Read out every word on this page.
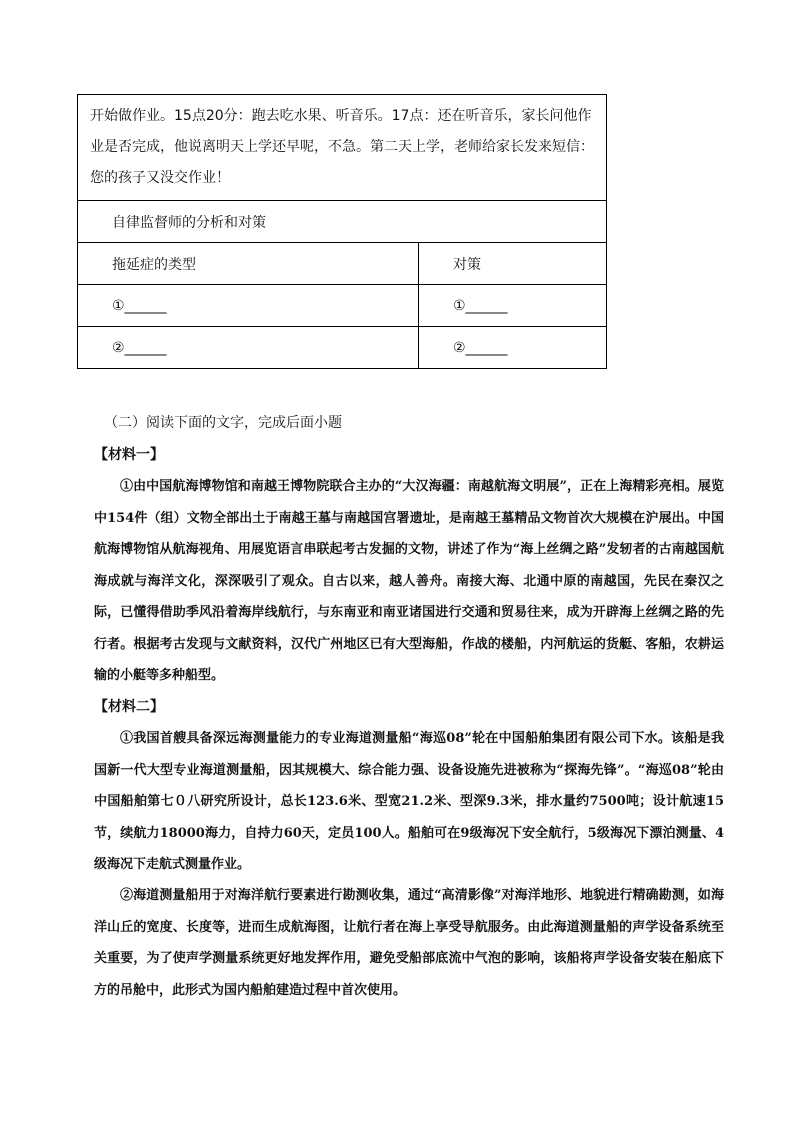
开始做作业。15点20分：跑去吃水果、听音乐。17点：还在听音乐，家长问他作业是否完成，他说离明天上学还早呢，不急。第二天上学，老师给家长发来短信：您的孩子又没交作业！	

自律监督师的分析和对策	
拖延症的类型	对策
①______	①______
②______	②______

（二）阅读下面的文字，完成后面小题

【材料一】

①由中国航海博物馆和南越王博物院联合主办的“大汉海疆：南越航海文明展”，正在上海精彩亮相。展览中154件（组）文物全部出土于南越王墓与南越国宫署遗址，是南越王墓精品文物首次大规模在沪展出。中国航海博物馆从航海视角、用展览语言串联起考古发掘的文物，讲述了作为“海上丝绸之路”发轫者的古南越国航海成就与海洋文化，深深吸引了观众。自古以来，越人善舟。南接大海、北通中原的南越国，先民在秦汉之际，已懂得借助季风沿着海岸线航行，与东南亚和南亚诸国进行交通和贸易往来，成为开辟海上丝绸之路的先行者。根据考古发现与文献资料，汉代广州地区已有大型海船，作战的楼船，内河航运的货艇、客船，农耕运输的小艇等多种船型。

【材料二】

①我国首艘具备深远海测量能力的专业海道测量船“海巡08”轮在中国船舶集团有限公司下水。该船是我国新一代大型专业海道测量船，因其规模大、综合能力强、设备设施先进被称为“探海先锋”。“海巡08”轮由中国船舶第七０八研究所设计，总长123.6米、型宽21.2米、型深9.3米，排水量约7500吨；设计航速15节，续航力18000海力，自持力60天，定员100人。船舶可在9级海况下安全航行，5级海况下漂泊测量、4级海况下走航式测量作业。

②海道测量船用于对海洋航行要素进行勘测收集，通过“高清影像”对海洋地形、地貌进行精确勘测，如海洋山丘的宽度、长度等，进而生成航海图，让航行者在海上享受导航服务。由此海道测量船的声学设备系统至关重要，为了使声学测量系统更好地发挥作用，避免受船部底流中气泡的影响，该船将声学设备安装在船底下方的吊舱中，此形式为国内船舶建造过程中首次使用。
